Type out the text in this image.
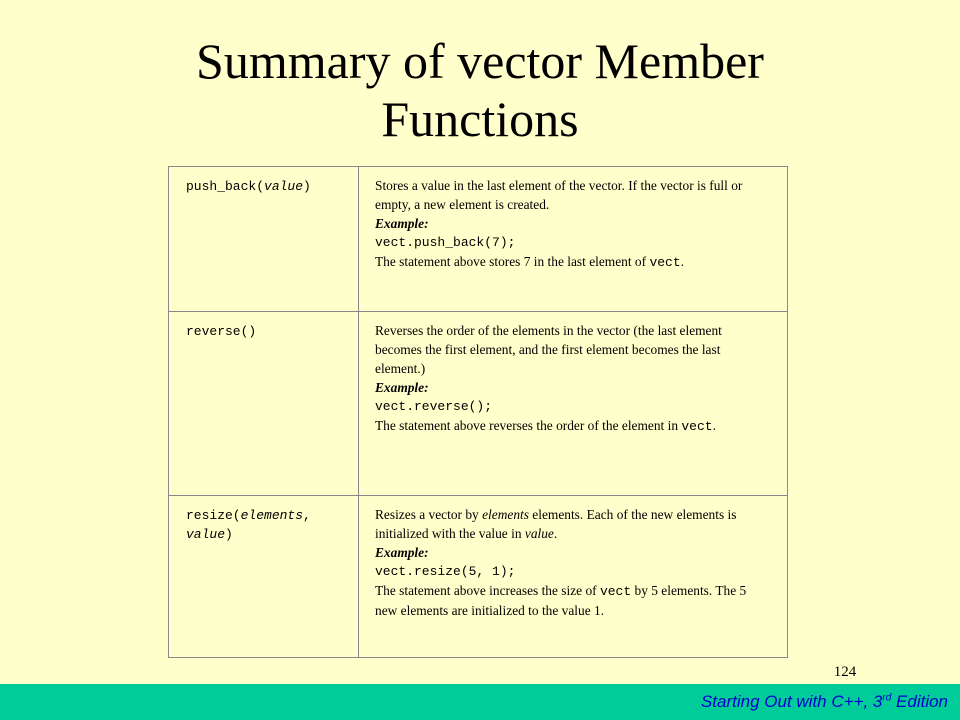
Summary of vector Member
Functions
push_back(value)	Stores a value in the last element of the vector. If the vector is full or empty, a new element is created.
Example:
vect.push_back(7);
The statement above stores 7 in the last element of vect.
reverse()	Reverses the order of the elements in the vector (the last element becomes the first element, and the first element becomes the last element.)
Example:
vect.reverse();
The statement above reverses the order of the element in vect.
resize(elements,
value)
Resizes a vector by elements elements. Each of the new elements is initialized with the value in value.
Example:
vect.resize(5, 1);
The statement above increases the size of vect by 5 elements. The 5 new elements are initialized to the value 1.
124
Starting Out with C++, 3rd Edition
